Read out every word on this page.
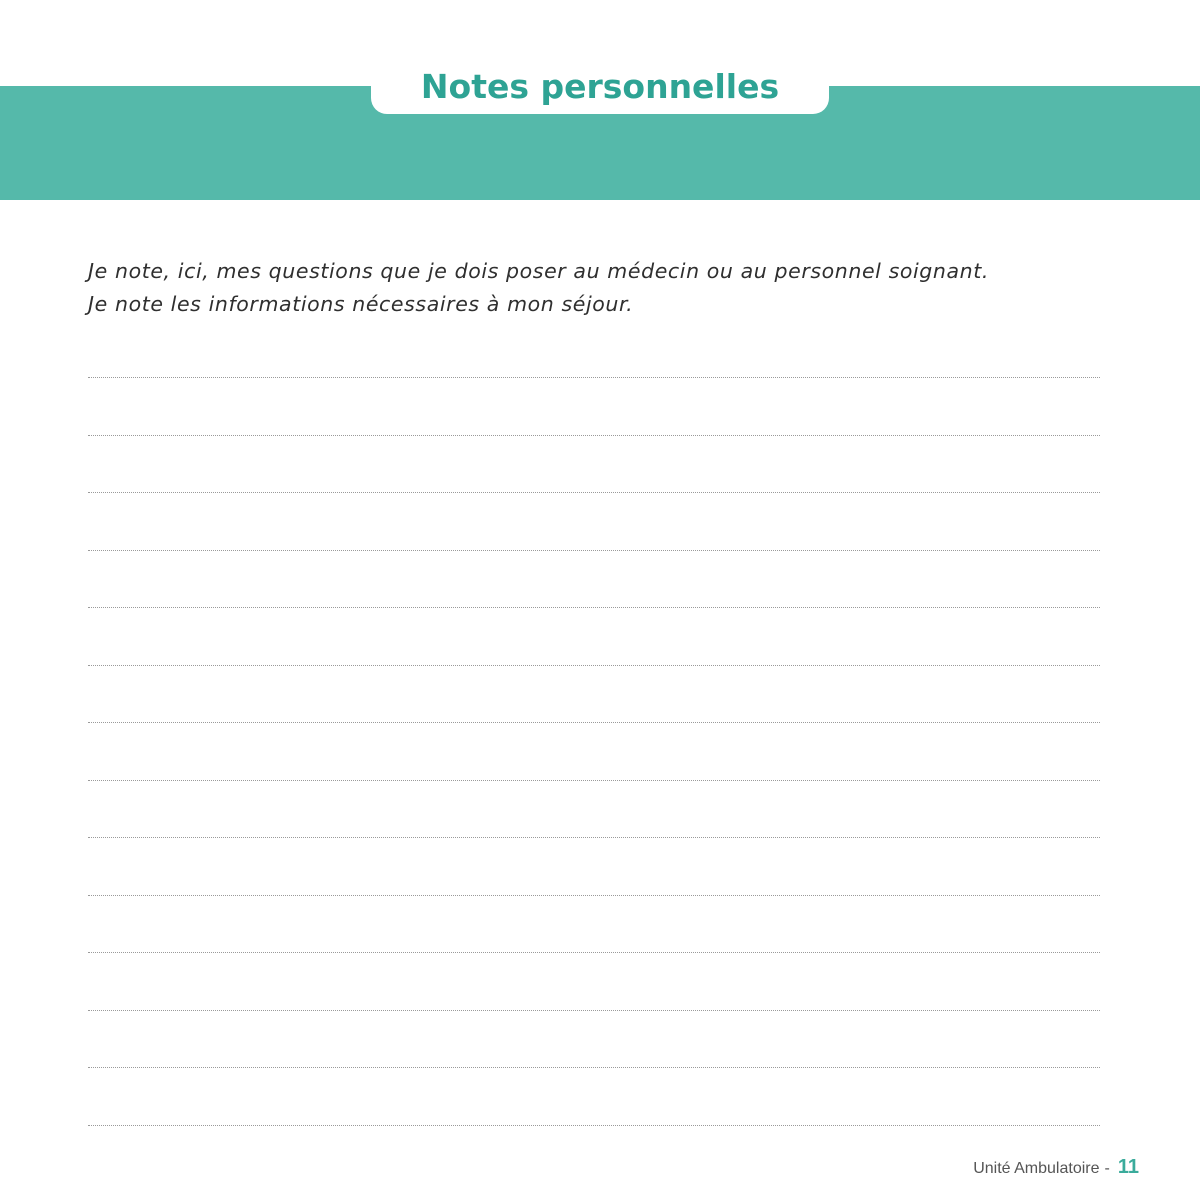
Notes personnelles
Je note, ici, mes questions que je dois poser au médecin ou au personnel soignant.
Je note les informations nécessaires à mon séjour.
Unité Ambulatoire - 11
